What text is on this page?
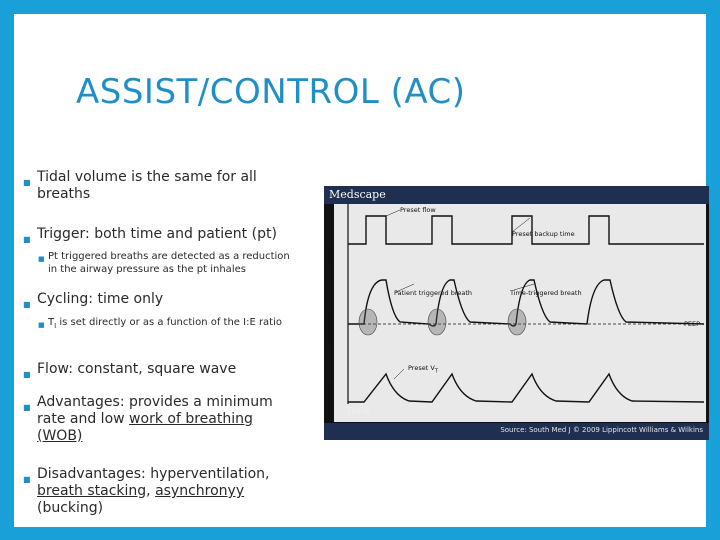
ASSIST/CONTROL (AC)
■ Tidal volume is the same for all breaths
■ Trigger: both time and patient (pt)
■ Pt triggered breaths are detected as a reduction in the airway pressure as the pt inhales
■ Cycling: time only
■ $T_I$ is set directly or as a function of the I:E ratio
■ Flow: constant, square wave
■ Advantages: provides a minimum rate and low work of breathing (WOB)
■ Disadvantages: hyperventilation, breath stacking, asynchronyy (bucking)
Medscape
Preset flow
Preset backup time
Patient triggered breath	Time-triggered breath
PEEP
Preset $V_T$
Flow
Pressure
Volume Time
Source: South Med J © 2009 Lippincott Williams & Wilkins
